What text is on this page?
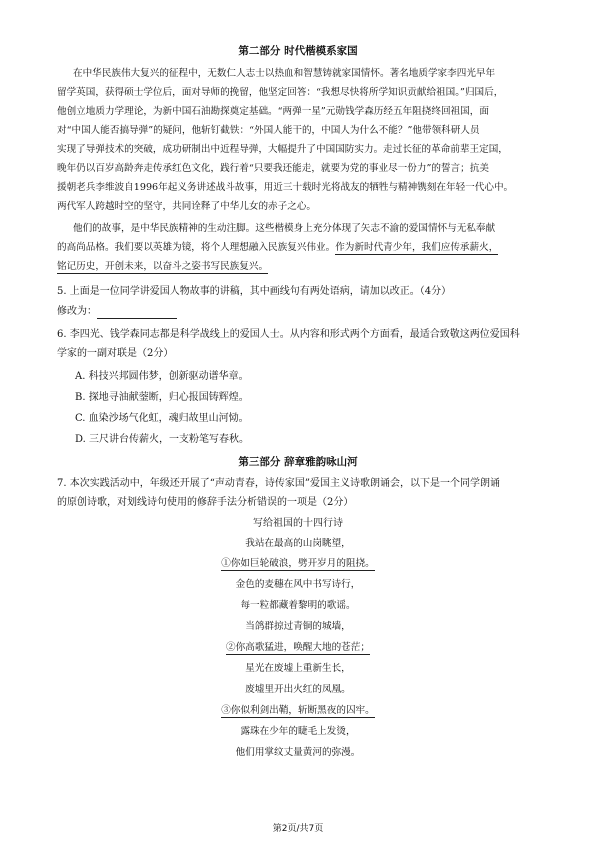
第二部分 时代楷模系家国
在中华民族伟大复兴的征程中，无数仁人志士以热血和智慧铸就家国情怀。著名地质学家李四光早年
留学英国，获得硕士学位后，面对导师的挽留，他坚定回答：“我想尽快将所学知识贡献给祖国。”归国后，
他创立地质力学理论，为新中国石油勘探奠定基础。“两弹一星”元勋钱学森历经五年阻挠终回祖国，面
对“中国人能否搞导弹”的疑问，他斩钉截铁：“外国人能干的，中国人为什么不能？”他带领科研人员
实现了导弹技术的突破，成功研制出中近程导弹，大幅提升了中国国防实力。走过长征的革命前辈王定国，
晚年仍以百岁高龄奔走传承红色文化，践行着“只要我还能走，就要为党的事业尽一份力”的誓言；抗美
援朝老兵李维波自1996年起义务讲述战斗故事，用近三十载时光将战友的牺牲与精神镌刻在年轻一代心中。
两代军人跨越时空的坚守，共同诠释了中华儿女的赤子之心。
他们的故事，是中华民族精神的生动注脚。这些楷模身上充分体现了矢志不渝的爱国情怀与无私奉献
的高尚品格。我们要以英雄为镜，将个人理想融入民族复兴伟业。作为新时代青少年，我们应传承薪火，
铭记历史，开创未来，以奋斗之姿书写民族复兴。
5. 上面是一位同学讲爱国人物故事的讲稿，其中画线句有两处语病，请加以改正。（4分）
修改为：
6. 李四光、钱学森同志都是科学战线上的爱国人士。从内容和形式两个方面看，最适合致敬这两位爱国科
学家的一副对联是（2分）
A. 科技兴邦圆伟梦，创新驱动谱华章。
B. 探地寻油献蓥断，归心报国铸辉煌。
C. 血染沙场气化虹，魂归故里山河恸。
D. 三尺讲台传薪火，一支粉笔写春秋。
第三部分 辞章雅韵咏山河
7. 本次实践活动中，年级还开展了“声动青春，诗传家国”爱国主义诗歌朗诵会，以下是一个同学朗诵
的原创诗歌，对划线诗句使用的修辞手法分析错误的一项是（2分）
写给祖国的十四行诗
我站在最高的山岗眺望，
①你如巨轮破浪，劈开岁月的阻挠。
金色的麦穗在风中书写诗行，
每一粒都藏着黎明的歌谣。
当鸽群掠过青铜的城墙，
②你高歌猛进，唤醒大地的苍茫；
星光在废墟上重新生长，
废墟里开出火红的凤凰。
③你似利剑出鞘，斩断黑夜的囚牢。
露珠在少年的睫毛上发烫，
他们用掌纹丈量黄河的弥漫。
第2页/共7页
